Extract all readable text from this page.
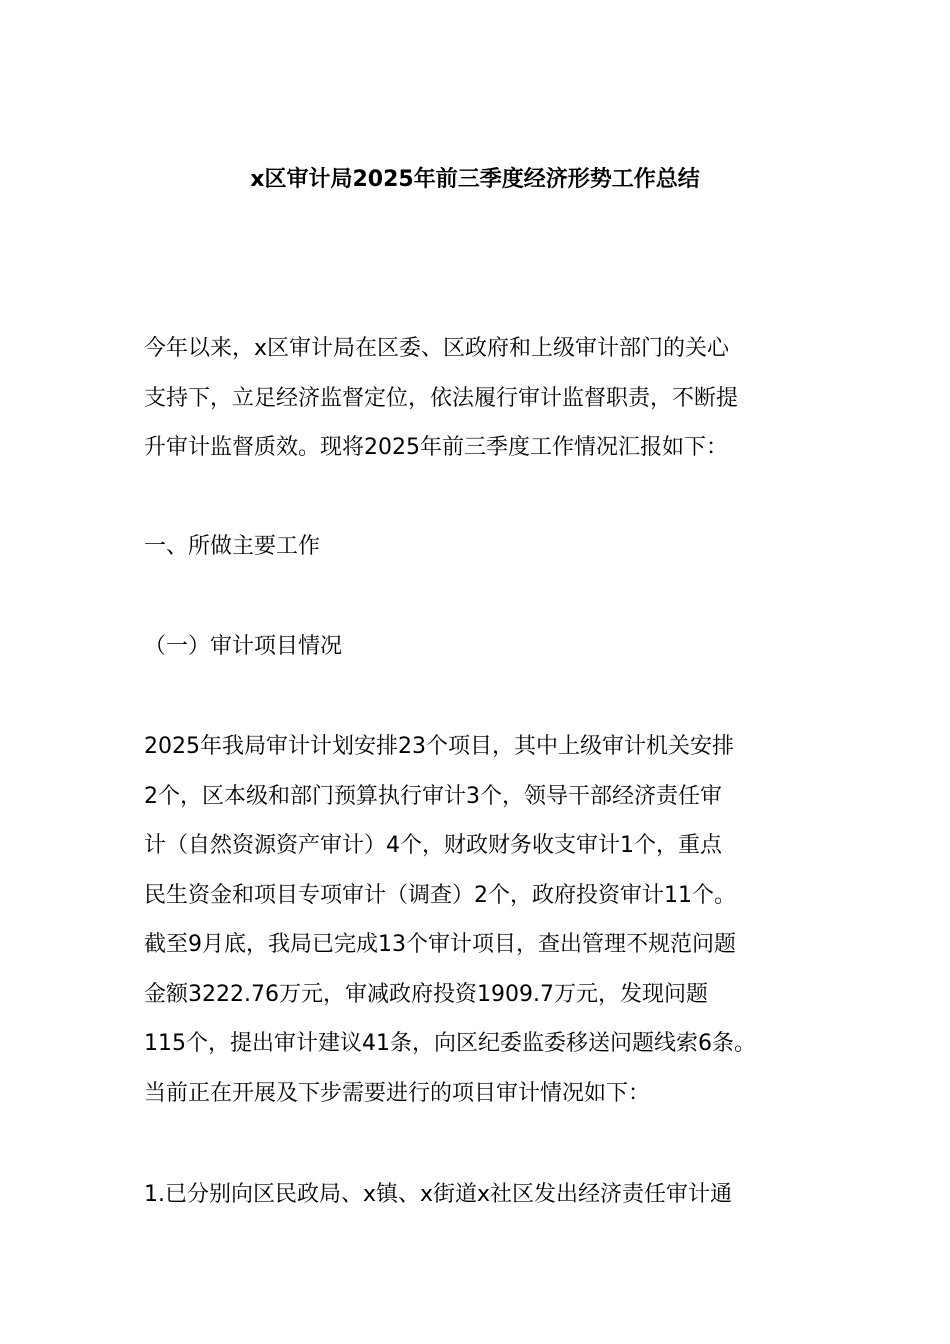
x区审计局2025年前三季度经济形势工作总结

今年以来，x区审计局在区委、区政府和上级审计部门的关心
支持下，立足经济监督定位，依法履行审计监督职责，不断提
升审计监督质效。现将2025年前三季度工作情况汇报如下：

一、所做主要工作

（一）审计项目情况

2025年我局审计计划安排23个项目，其中上级审计机关安排
2个，区本级和部门预算执行审计3个，领导干部经济责任审
计（自然资源资产审计）4个，财政财务收支审计1个，重点
民生资金和项目专项审计（调查）2个，政府投资审计11个。
截至9月底，我局已完成13个审计项目，查出管理不规范问题
金额3222.76万元，审减政府投资1909.7万元，发现问题
115个，提出审计建议41条，向区纪委监委移送问题线索6条。
当前正在开展及下步需要进行的项目审计情况如下：

1.已分别向区民政局、x镇、x街道x社区发出经济责任审计通
